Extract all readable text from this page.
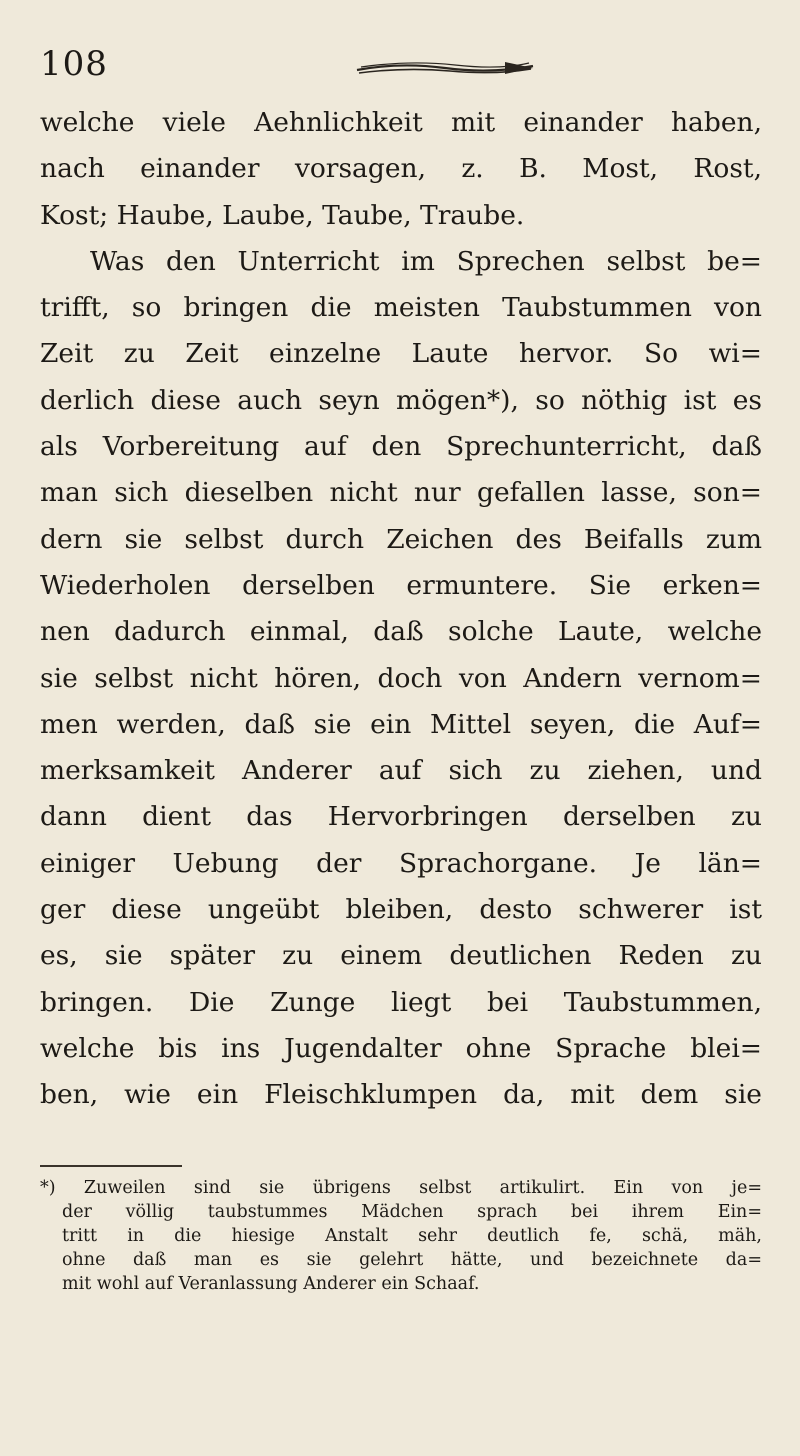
108
welche viele Aehnlichkeit mit einander haben,
nach einander vorsagen, z. B. Most, Rost,
Kost; Haube, Laube, Taube, Traube.
Was den Unterricht im Sprechen selbst be=
trifft, so bringen die meisten Taubstummen von
Zeit zu Zeit einzelne Laute hervor. So wi=
derlich diese auch seyn mögen*), so nöthig ist es
als Vorbereitung auf den Sprechunterricht, daß
man sich dieselben nicht nur gefallen lasse, son=
dern sie selbst durch Zeichen des Beifalls zum
Wiederholen derselben ermuntere. Sie erken=
nen dadurch einmal, daß solche Laute, welche
sie selbst nicht hören, doch von Andern vernom=
men werden, daß sie ein Mittel seyen, die Auf=
merksamkeit Anderer auf sich zu ziehen, und
dann dient das Hervorbringen derselben zu
einiger Uebung der Sprachorgane. Je län=
ger diese ungeübt bleiben, desto schwerer ist
es, sie später zu einem deutlichen Reden zu
bringen. Die Zunge liegt bei Taubstummen,
welche bis ins Jugendalter ohne Sprache blei=
ben, wie ein Fleischklumpen da, mit dem sie
*) Zuweilen sind sie übrigens selbst artikulirt. Ein von je=
der völlig taubstummes Mädchen sprach bei ihrem Ein=
tritt in die hiesige Anstalt sehr deutlich fe, schä, mäh,
ohne daß man es sie gelehrt hätte, und bezeichnete da=
mit wohl auf Veranlassung Anderer ein Schaaf.
